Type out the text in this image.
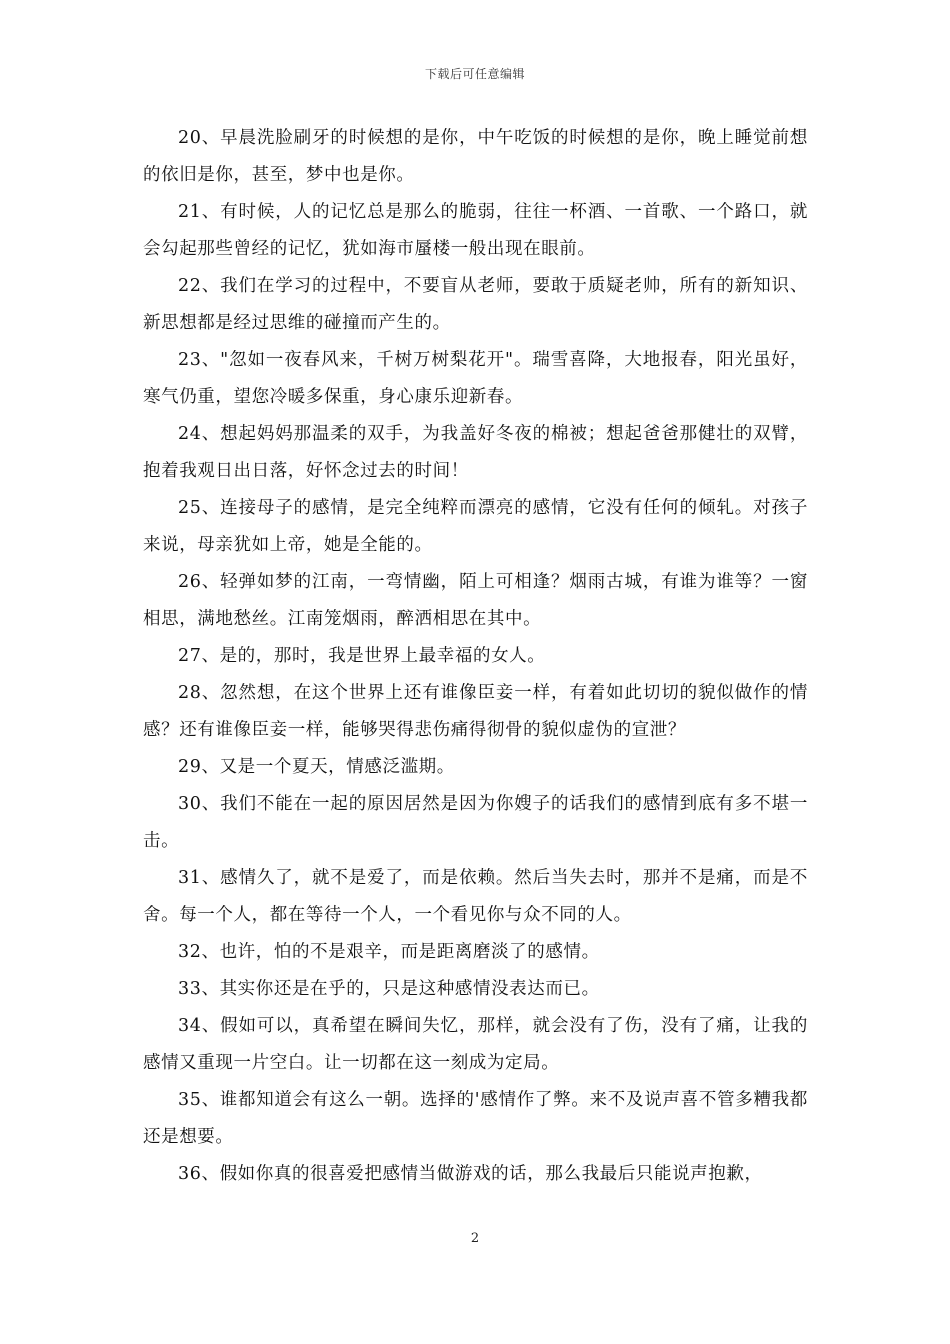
下载后可任意编辑

20、早晨洗脸刷牙的时候想的是你，中午吃饭的时候想的是你，晚上睡觉前想的依旧是你，甚至，梦中也是你。

21、有时候，人的记忆总是那么的脆弱，往往一杯酒、一首歌、一个路口，就会勾起那些曾经的记忆，犹如海市蜃楼一般出现在眼前。

22、我们在学习的过程中，不要盲从老师，要敢于质疑老帅，所有的新知识、新思想都是经过思维的碰撞而产生的。

23、"忽如一夜春风来，千树万树梨花开"。瑞雪喜降，大地报春，阳光虽好，寒气仍重，望您冷暖多保重，身心康乐迎新春。

24、想起妈妈那温柔的双手，为我盖好冬夜的棉被；想起爸爸那健壮的双臂，抱着我观日出日落，好怀念过去的时间！

25、连接母子的感情，是完全纯粹而漂亮的感情，它没有任何的倾轧。对孩子来说，母亲犹如上帝，她是全能的。

26、轻弹如梦的江南，一弯情幽，陌上可相逢？烟雨古城，有谁为谁等？一窗相思，满地愁丝。江南笼烟雨，醉洒相思在其中。

27、是的，那时，我是世界上最幸福的女人。

28、忽然想，在这个世界上还有谁像臣妾一样，有着如此切切的貌似做作的情感？还有谁像臣妾一样，能够哭得悲伤痛得彻骨的貌似虚伪的宣泄？

29、又是一个夏天，情感泛滥期。

30、我们不能在一起的原因居然是因为你嫂子的话我们的感情到底有多不堪一击。

31、感情久了，就不是爱了，而是依赖。然后当失去时，那并不是痛，而是不舍。每一个人，都在等待一个人，一个看见你与众不同的人。

32、也许，怕的不是艰辛，而是距离磨淡了的感情。

33、其实你还是在乎的，只是这种感情没表达而已。

34、假如可以，真希望在瞬间失忆，那样，就会没有了伤，没有了痛，让我的感情又重现一片空白。让一切都在这一刻成为定局。

35、谁都知道会有这么一朝。选择的'感情作了弊。来不及说声喜不管多糟我都还是想要。

36、假如你真的很喜爱把感情当做游戏的话，那么我最后只能说声抱歉，

2
